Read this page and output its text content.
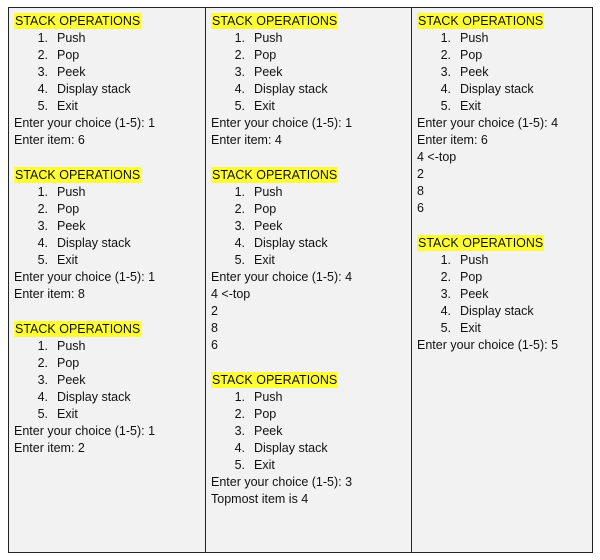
STACK OPERATIONS
1. Push
2. Pop
3. Peek
4. Display stack
5. Exit
Enter your choice (1-5): 1
Enter item: 6
STACK OPERATIONS
1. Push
2. Pop
3. Peek
4. Display stack
5. Exit
Enter your choice (1-5): 1
Enter item: 8
STACK OPERATIONS
1. Push
2. Pop
3. Peek
4. Display stack
5. Exit
Enter your choice (1-5): 1
Enter item: 2
STACK OPERATIONS
1. Push
2. Pop
3. Peek
4. Display stack
5. Exit
Enter your choice (1-5): 1
Enter item: 4
STACK OPERATIONS
1. Push
2. Pop
3. Peek
4. Display stack
5. Exit
Enter your choice (1-5): 4
4 <-top
2
8
6
STACK OPERATIONS
1. Push
2. Pop
3. Peek
4. Display stack
5. Exit
Enter your choice (1-5): 3
Topmost item is 4
STACK OPERATIONS
1. Push
2. Pop
3. Peek
4. Display stack
5. Exit
Enter your choice (1-5): 4
Enter item: 6
4 <-top
2
8
6
STACK OPERATIONS
1. Push
2. Pop
3. Peek
4. Display stack
5. Exit
Enter your choice (1-5): 5
